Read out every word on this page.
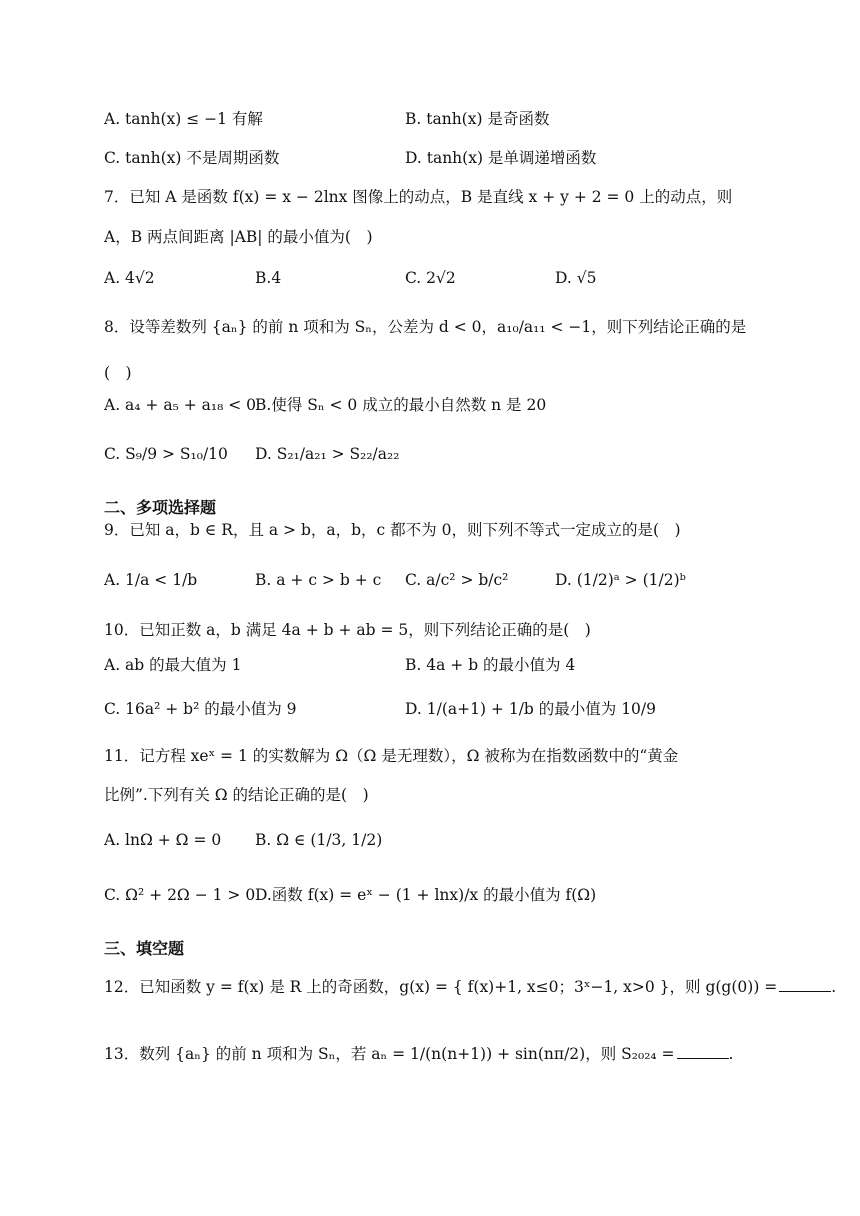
A. tanh(x) ≤ −1 有解	B. tanh(x) 是奇函数
C. tanh(x) 不是周期函数	D. tanh(x) 是单调递增函数
7．已知 A 是函数 f(x) = x − 2lnx 图像上的动点，B 是直线 x + y + 2 = 0 上的动点，则
A，B 两点间距离 |AB| 的最小值为(　)
A. 4√2	B.4	C. 2√2	D. √5
8．设等差数列 {aₙ} 的前 n 项和为 Sₙ，公差为 d < 0，a₁₀/a₁₁ < −1，则下列结论正确的是
(　)
A. a₄ + a₅ + a₁₈ < 0
B.使得 Sₙ < 0 成立的最小自然数 n 是 20
C. S₉/9 > S₁₀/10 D. S₂₁/a₂₁ > S₂₂/a₂₂
二、多项选择题
9．已知 a，b ∈ R，且 a > b，a，b，c 都不为 0，则下列不等式一定成立的是(　)
A. 1/a < 1/b	B. a + c > b + c C. a/c² > b/c²	D. (1/2)ᵃ > (1/2)ᵇ
10．已知正数 a，b 满足 4a + b + ab = 5，则下列结论正确的是(　)
A. ab 的最大值为 1	B. 4a + b 的最小值为 4
C. 16a² + b² 的最小值为 9	D. 1/(a+1) + 1/b 的最小值为 10/9
11．记方程 xeˣ = 1 的实数解为 Ω（Ω 是无理数），Ω 被称为在指数函数中的“黄金
比例”.下列有关 Ω 的结论正确的是(　)
A. lnΩ + Ω = 0 B. Ω ∈ (1/3, 1/2)
C. Ω² + 2Ω − 1 > 0 D.函数 f(x) = eˣ − (1 + lnx)/x 的最小值为 f(Ω)
三、填空题
12．已知函数 y = f(x) 是 R 上的奇函数，g(x) = { f(x)+1, x≤0；3ˣ−1, x>0 }，则 g(g(0)) =	.
13．数列 {aₙ} 的前 n 项和为 Sₙ，若 aₙ = 1/(n(n+1)) + sin(nπ/2)，则 S₂₀₂₄ =	.
